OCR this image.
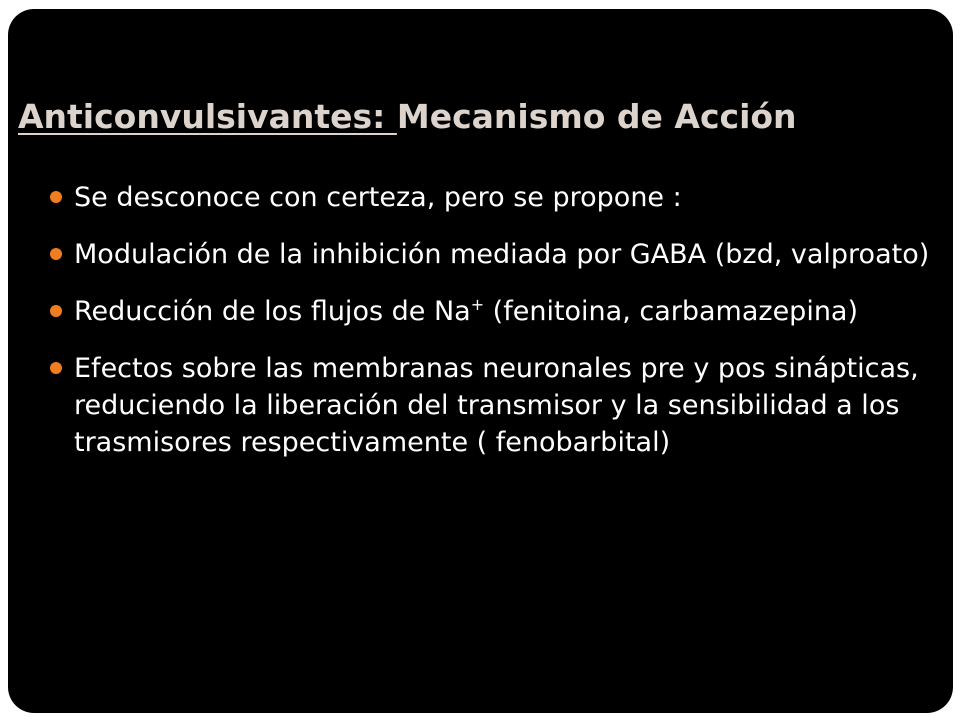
Anticonvulsivantes: Mecanismo de Acción
Se desconoce con certeza, pero se propone :
Modulación de la inhibición mediada por GABA (bzd, valproato)
Reducción de los flujos de Na+ (fenitoina, carbamazepina)
Efectos sobre las membranas neuronales pre y pos sinápticas, reduciendo la liberación del transmisor y la sensibilidad a los trasmisores respectivamente ( fenobarbital)
